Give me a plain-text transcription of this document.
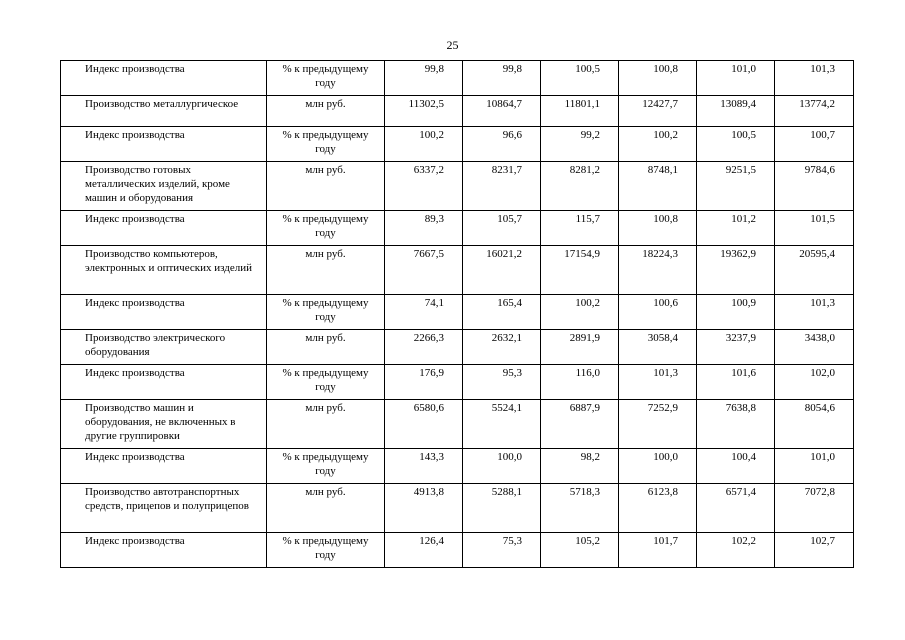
25
Индекс производства	% к предыдущему году	99,8	99,8	100,5	100,8	101,0	101,3

Производство металлургическое	млн руб.	11302,5	10864,7	11801,1	12427,7	13089,4	13774,2

Индекс производства	% к предыдущему году	100,2	96,6	99,2	100,2	100,5	100,7

Производство готовых металлических изделий, кроме машин и оборудования	млн руб.	6337,2	8231,7	8281,2	8748,1	9251,5	9784,6

Индекс производства	% к предыдущему году	89,3	105,7	115,7	100,8	101,2	101,5

Производство компьютеров, электронных и оптических изделий	млн руб.	7667,5	16021,2	17154,9	18224,3	19362,9	20595,4

Индекс производства	% к предыдущему году	74,1	165,4	100,2	100,6	100,9	101,3

Производство электрического оборудования	млн руб.	2266,3	2632,1	2891,9	3058,4	3237,9	3438,0

Индекс производства	% к предыдущему году	176,9	95,3	116,0	101,3	101,6	102,0

Производство машин и оборудования, не включенных в другие группировки	млн руб.	6580,6	5524,1	6887,9	7252,9	7638,8	8054,6

Индекс производства	% к предыдущему году	143,3	100,0	98,2	100,0	100,4	101,0

Производство автотранспортных средств, прицепов и полуприцепов	млн руб.	4913,8	5288,1	5718,3	6123,8	6571,4	7072,8

Индекс производства	% к предыдущему году	126,4	75,3	105,2	101,7	102,2	102,7
